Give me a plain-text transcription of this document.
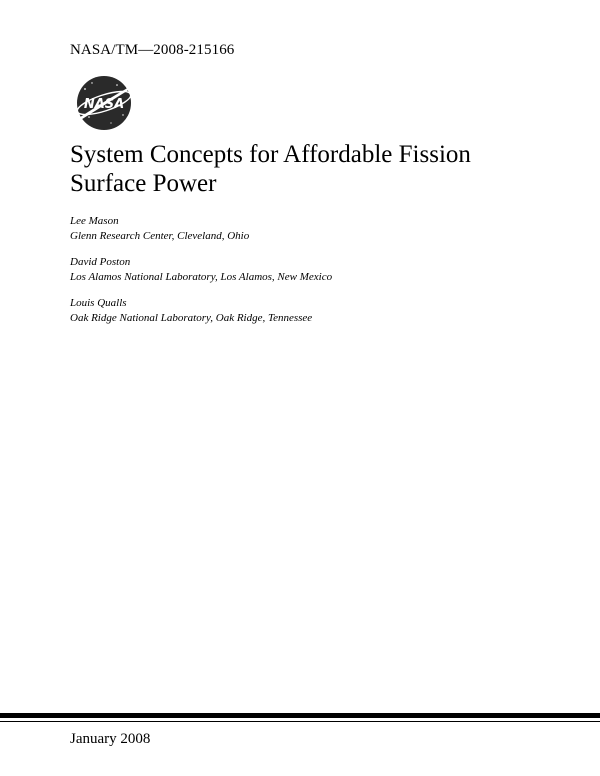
NASA/TM—2008-215166
NASA
System Concepts for Affordable Fission Surface Power
Lee Mason
Glenn Research Center, Cleveland, Ohio
David Poston
Los Alamos National Laboratory, Los Alamos, New Mexico
Louis Qualls
Oak Ridge National Laboratory, Oak Ridge, Tennessee
January 2008
